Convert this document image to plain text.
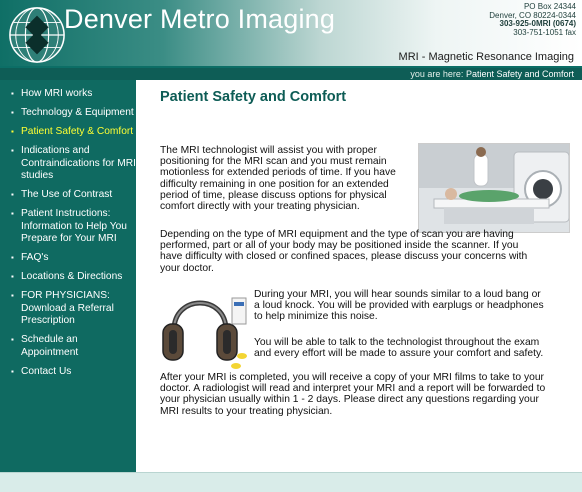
Denver Metro Imaging	PO Box 24344
Denver, CO 80224-0344
303-925-0MRI (0674)
303-751-1051 fax
MRI - Magnetic Resonance Imaging
you are here: Patient Safety and Comfort
▪ How MRI works
▪ Technology & Equipment
▪ Patient Safety & Comfort
▪ Indications and Contraindications for MRI studies
▪ The Use of Contrast
▪ Patient Instructions: Information to Help You Prepare for Your MRI
▪ FAQ's
▪ Locations & Directions
▪ FOR PHYSICIANS: Download a Referral Prescription
▪ Schedule an Appointment
▪ Contact Us
Patient Safety and Comfort
The MRI technologist will assist you with proper positioning for the MRI scan and you must remain motionless for extended periods of time. If you have difficulty remaining in one position for an extended period of time, please discuss options for physical comfort directly with your treating physician.
Depending on the type of MRI equipment and the type of scan you are having performed, part or all of your body may be positioned inside the scanner. If you have difficulty with closed or confined spaces, please discuss your concerns with your doctor.
During your MRI, you will hear sounds similar to a loud bang or a loud knock. You will be provided with earplugs or headphones to help minimize this noise.
You will be able to talk to the technologist throughout the exam and every effort will be made to assure your comfort and safety.
After your MRI is completed, you will receive a copy of your MRI films to take to your doctor. A radiologist will read and interpret your MRI and a report will be forwarded to your physician usually within 1 - 2 days. Please direct any questions regarding your MRI results to your treating physician.
